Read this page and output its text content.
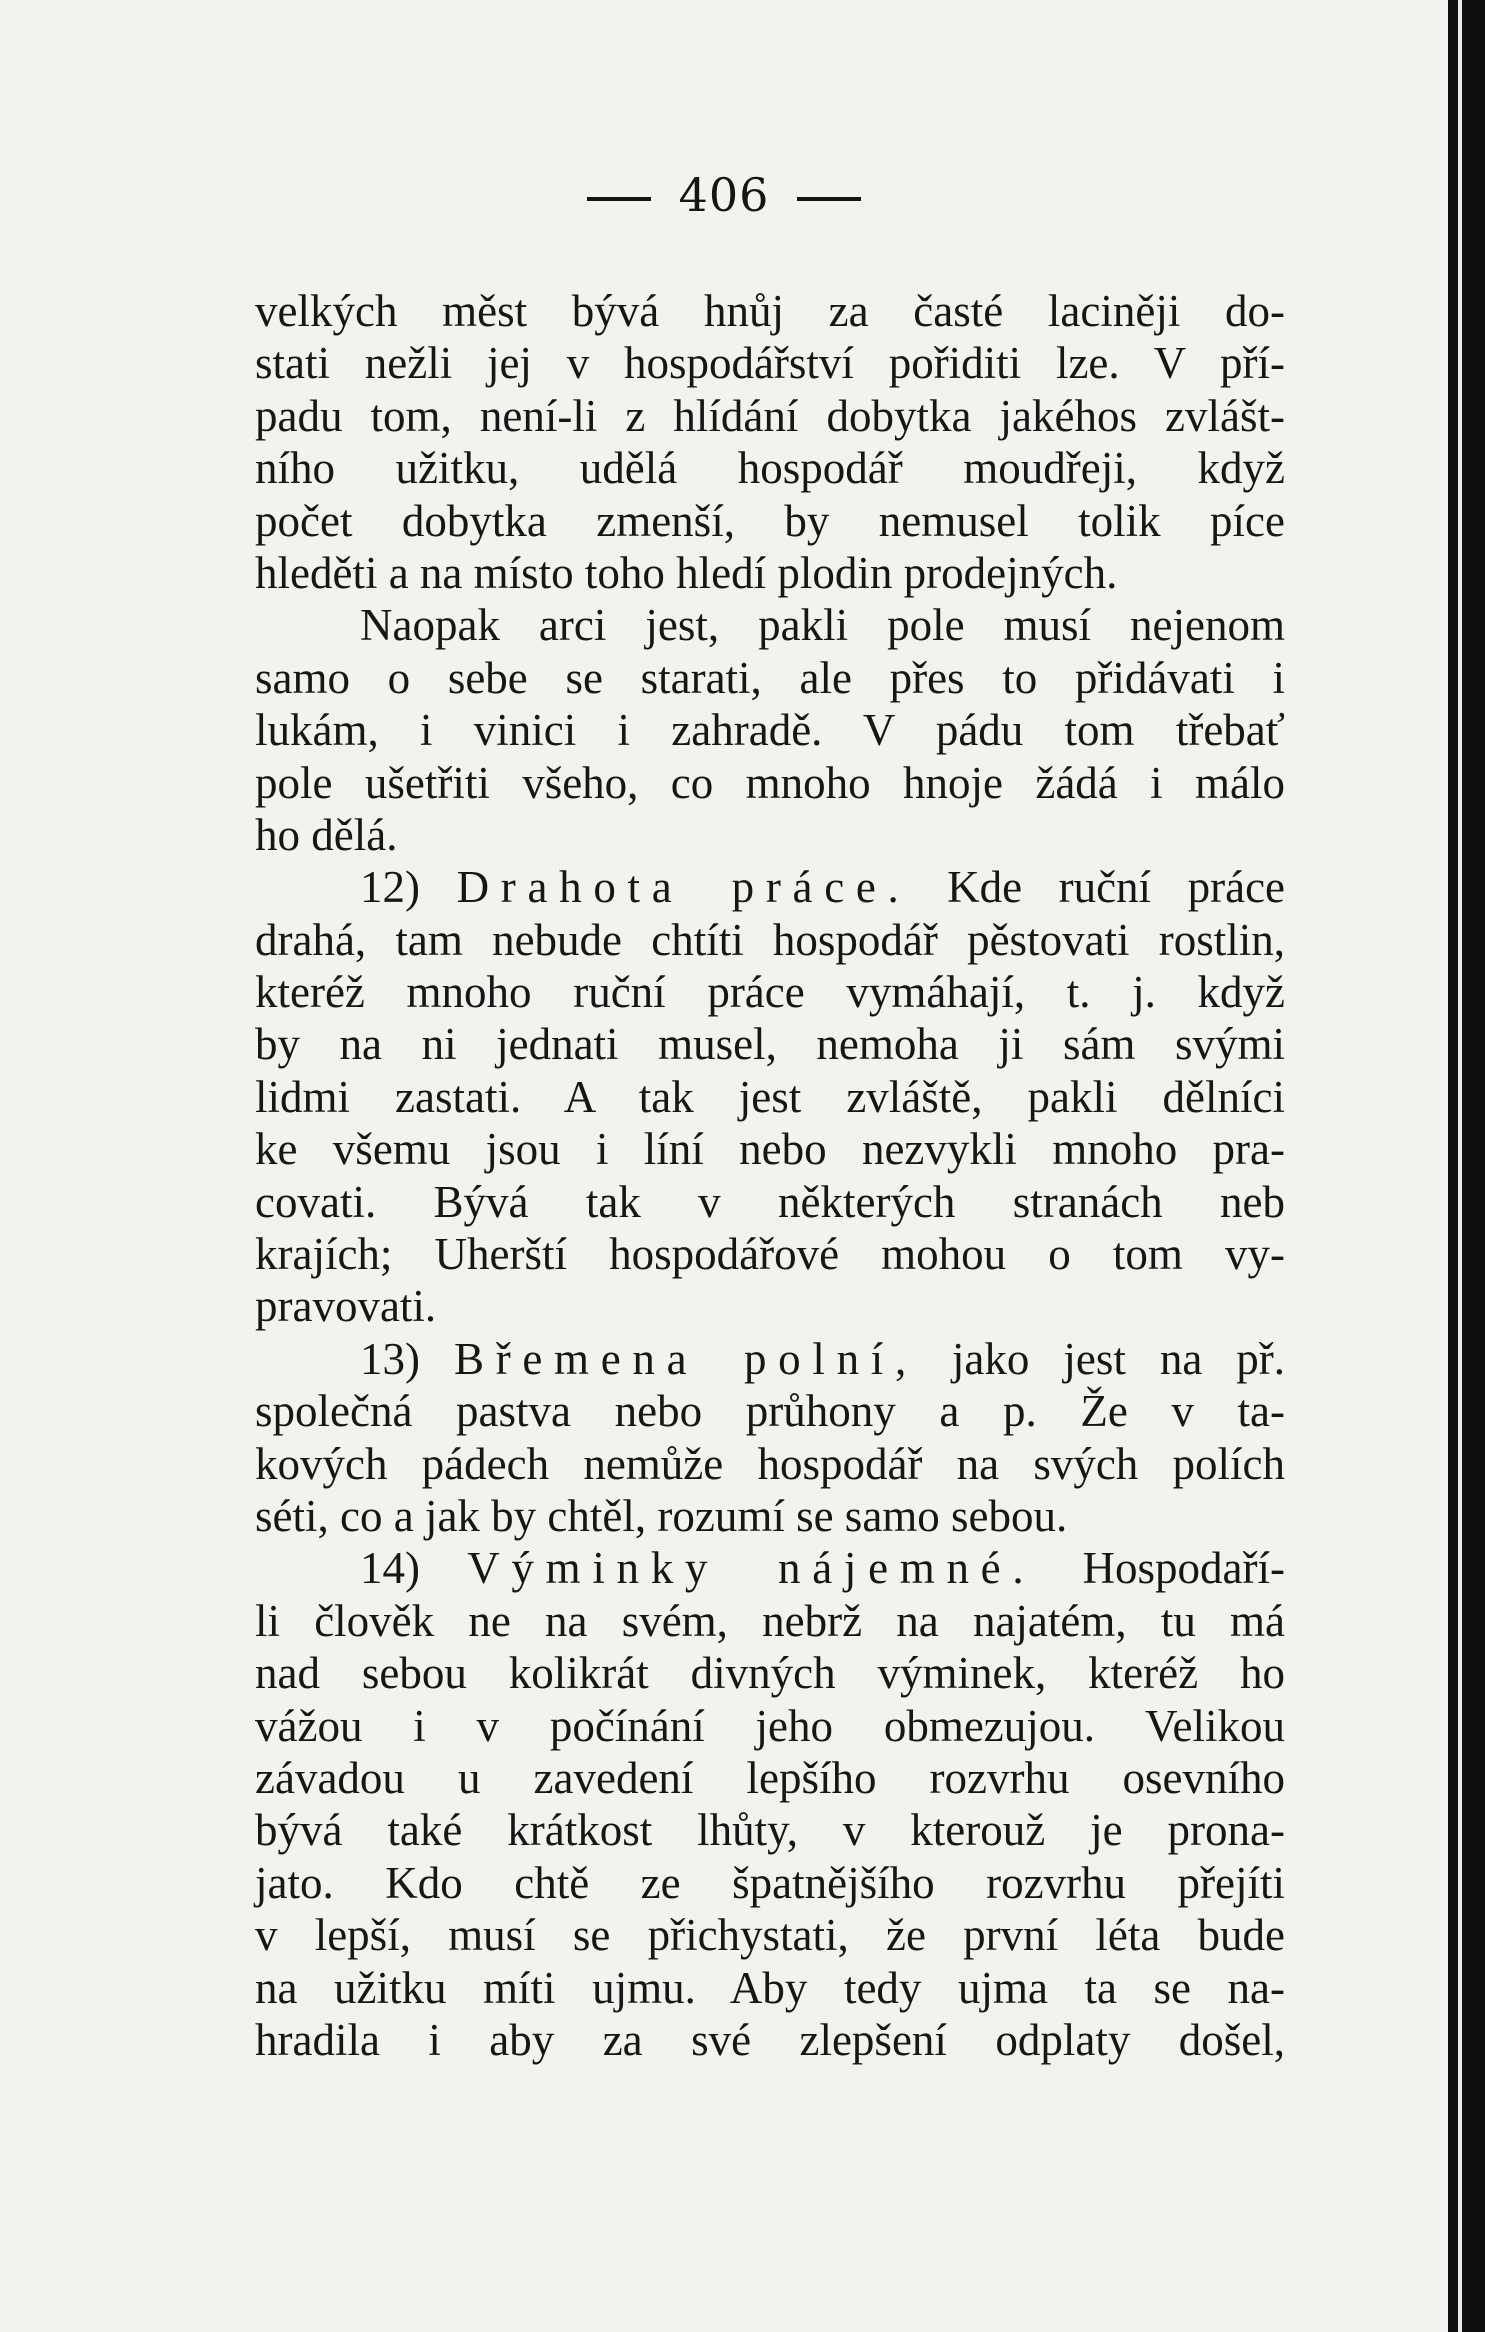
406
velkých měst bývá hnůj za časté laciněji do-
stati nežli jej v hospodářství pořiditi lze. V pří-
padu tom, není-li z hlídání dobytka jakéhos zvlášt-
ního užitku, udělá hospodář moudřeji, když
počet dobytka zmenší, by nemusel tolik píce
hleděti a na místo toho hledí plodin prodejných.
Naopak arci jest, pakli pole musí nejenom
samo o sebe se starati, ale přes to přidávati i
lukám, i vinici i zahradě. V pádu tom třebať
pole ušetřiti všeho, co mnoho hnoje žádá i málo
ho dělá.
12) Drahota práce. Kde ruční práce
drahá, tam nebude chtíti hospodář pěstovati rostlin,
kteréž mnoho ruční práce vymáhají, t. j. když
by na ni jednati musel, nemoha ji sám svými
lidmi zastati. A tak jest zvláště, pakli dělníci
ke všemu jsou i líní nebo nezvykli mnoho pra-
covati. Bývá tak v některých stranách neb
krajích; Uherští hospodářové mohou o tom vy-
pravovati.
13) Břemena polní, jako jest na př.
společná pastva nebo průhony a p. Že v ta-
kových pádech nemůže hospodář na svých polích
séti, co a jak by chtěl, rozumí se samo sebou.
14) Výminky nájemné. Hospodaří-
li člověk ne na svém, nebrž na najatém, tu má
nad sebou kolikrát divných výminek, kteréž ho
vážou i v počínání jeho obmezujou. Velikou
závadou u zavedení lepšího rozvrhu osevního
bývá také krátkost lhůty, v kterouž je prona-
jato. Kdo chtě ze špatnějšího rozvrhu přejíti
v lepší, musí se přichystati, že první léta bude
na užitku míti ujmu. Aby tedy ujma ta se na-
hradila i aby za své zlepšení odplaty došel,
